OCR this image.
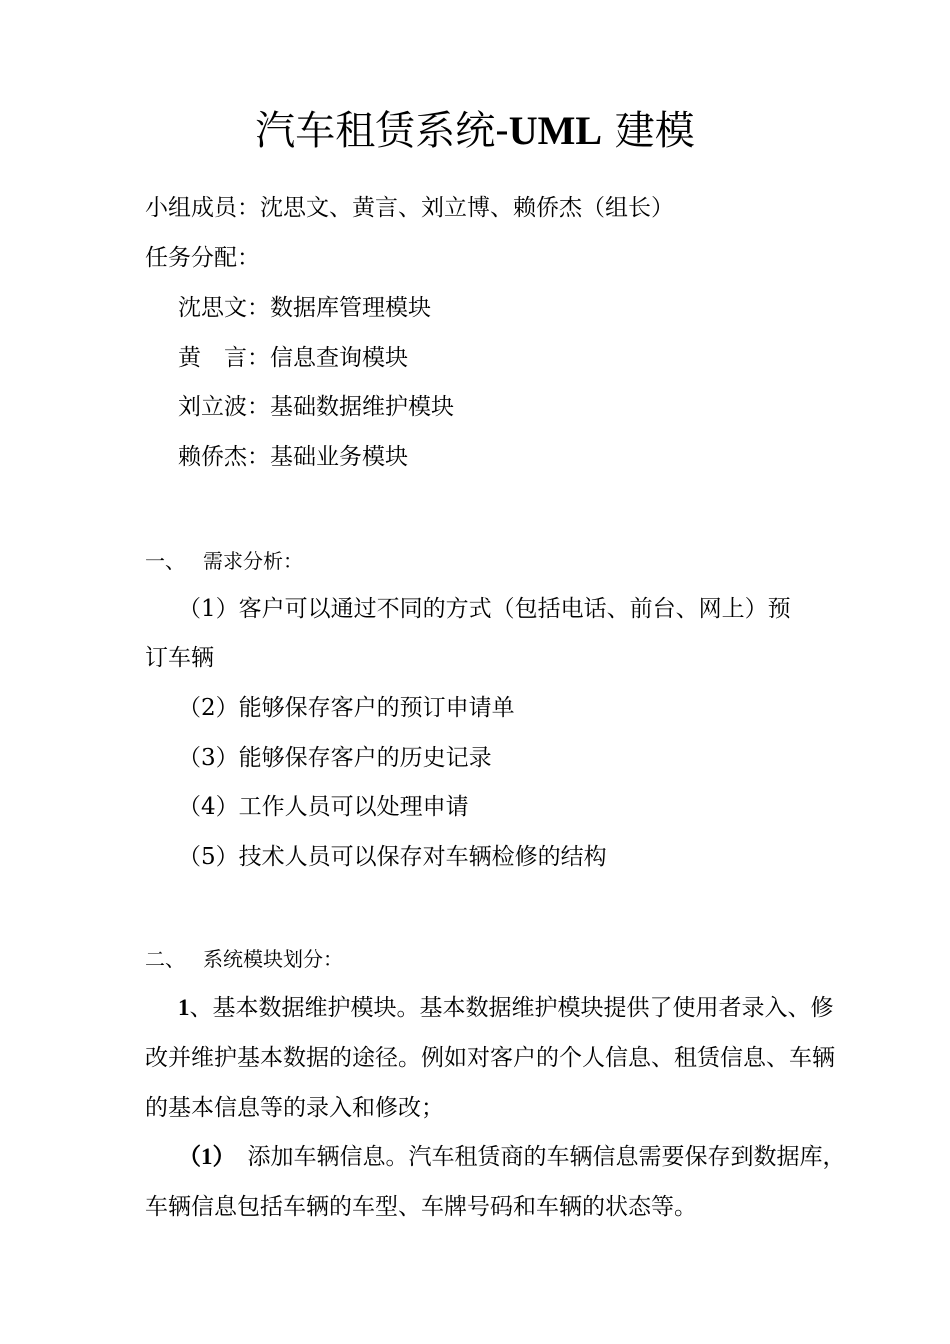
汽车租赁系统-UML 建模
小组成员：沈思文、黄言、刘立博、赖侨杰（组长）
任务分配：
沈思文：数据库管理模块
黄　言：信息查询模块
刘立波：基础数据维护模块
赖侨杰：基础业务模块
一、 需求分析：
（1）客户可以通过不同的方式（包括电话、前台、网上）预
订车辆
（2）能够保存客户的预订申请单
（3）能够保存客户的历史记录
（4）工作人员可以处理申请
（5）技术人员可以保存对车辆检修的结构
二、 系统模块划分：
1、基本数据维护模块。基本数据维护模块提供了使用者录入、修
改并维护基本数据的途径。例如对客户的个人信息、租赁信息、车辆
的基本信息等的录入和修改；
（1） 添加车辆信息。汽车租赁商的车辆信息需要保存到数据库，
车辆信息包括车辆的车型、车牌号码和车辆的状态等。
